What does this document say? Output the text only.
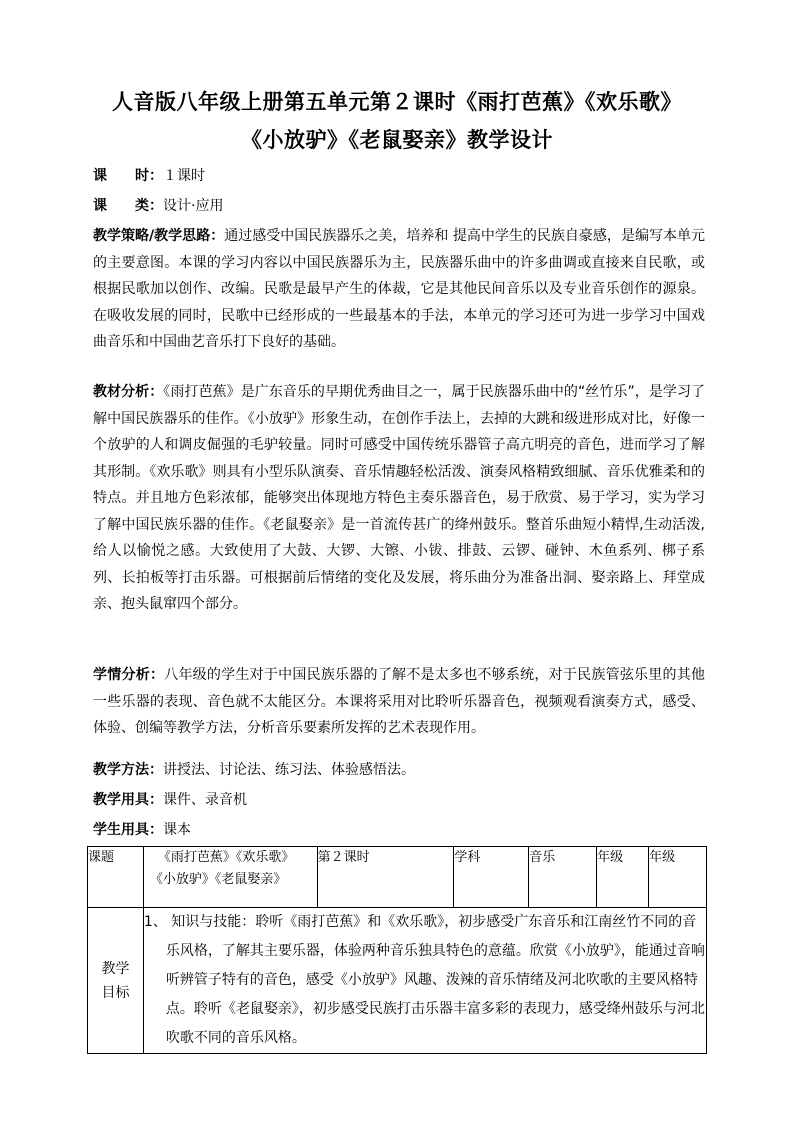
人音版八年级上册第五单元第２课时《雨打芭蕉》《欢乐歌》
《小放驴》《老鼠娶亲》教学设计
课　　时：１课时
课　　类：设计·应用
教学策略/教学思路：通过感受中国民族器乐之美，培养和 提高中学生的民族自豪感，是编写本单元的主要意图。本课的学习内容以中国民族器乐为主，民族器乐曲中的许多曲调或直接来自民歌，或根据民歌加以创作、改编。民歌是最早产生的体裁，它是其他民间音乐以及专业音乐创作的源泉。在吸收发展的同时，民歌中已经形成的一些最基本的手法，本单元的学习还可为进一步学习中国戏曲音乐和中国曲艺音乐打下良好的基础。
教材分析：《雨打芭蕉》是广东音乐的早期优秀曲目之一，属于民族器乐曲中的“丝竹乐”，是学习了解中国民族器乐的佳作。《小放驴》形象生动，在创作手法上，去掉的大跳和级进形成对比，好像一个放驴的人和调皮倔强的毛驴较量。同时可感受中国传统乐器管子高亢明亮的音色，进而学习了解其形制。《欢乐歌》则具有小型乐队演奏、音乐情趣轻松活泼、演奏风格精致细腻、音乐优雅柔和的特点。并且地方色彩浓郁，能够突出体现地方特色主奏乐器音色，易于欣赏、易于学习，实为学习了解中国民族乐器的佳作。《老鼠娶亲》是一首流传甚广的绛州鼓乐。整首乐曲短小精悍,生动活泼,给人以愉悦之感。大致使用了大鼓、大锣、大镲、小钹、排鼓、云锣、碰钟、木鱼系列、梆子系列、长拍板等打击乐器。可根据前后情绪的变化及发展，将乐曲分为准备出洞、娶亲路上、拜堂成亲、抱头鼠窜四个部分。
学情分析：八年级的学生对于中国民族乐器的了解不是太多也不够系统，对于民族管弦乐里的其他一些乐器的表现、音色就不太能区分。本课将采用对比聆听乐器音色，视频观看演奏方式，感受、体验、创编等教学方法，分析音乐要素所发挥的艺术表现作用。
教学方法：讲授法、讨论法、练习法、体验感悟法。
教学用具：课件、录音机
学生用具：课本
课题	《雨打芭蕉》《欢乐歌》
《小放驴》《老鼠娶亲》	第２课时	学科	音乐	年级	年级

教学
目标	1、 知识与技能：聆听《雨打芭蕉》和《欢乐歌》，初步感受广东音乐和江南丝竹不同的音乐风格，了解其主要乐器，体验两种音乐独具特色的意蕴。欣赏《小放驴》，能通过音响听辨管子特有的音色，感受《小放驴》风趣、泼辣的音乐情绪及河北吹歌的主要风格特点。聆听《老鼠娶亲》，初步感受民族打击乐器丰富多彩的表现力，感受绛州鼓乐与河北吹歌不同的音乐风格。					
